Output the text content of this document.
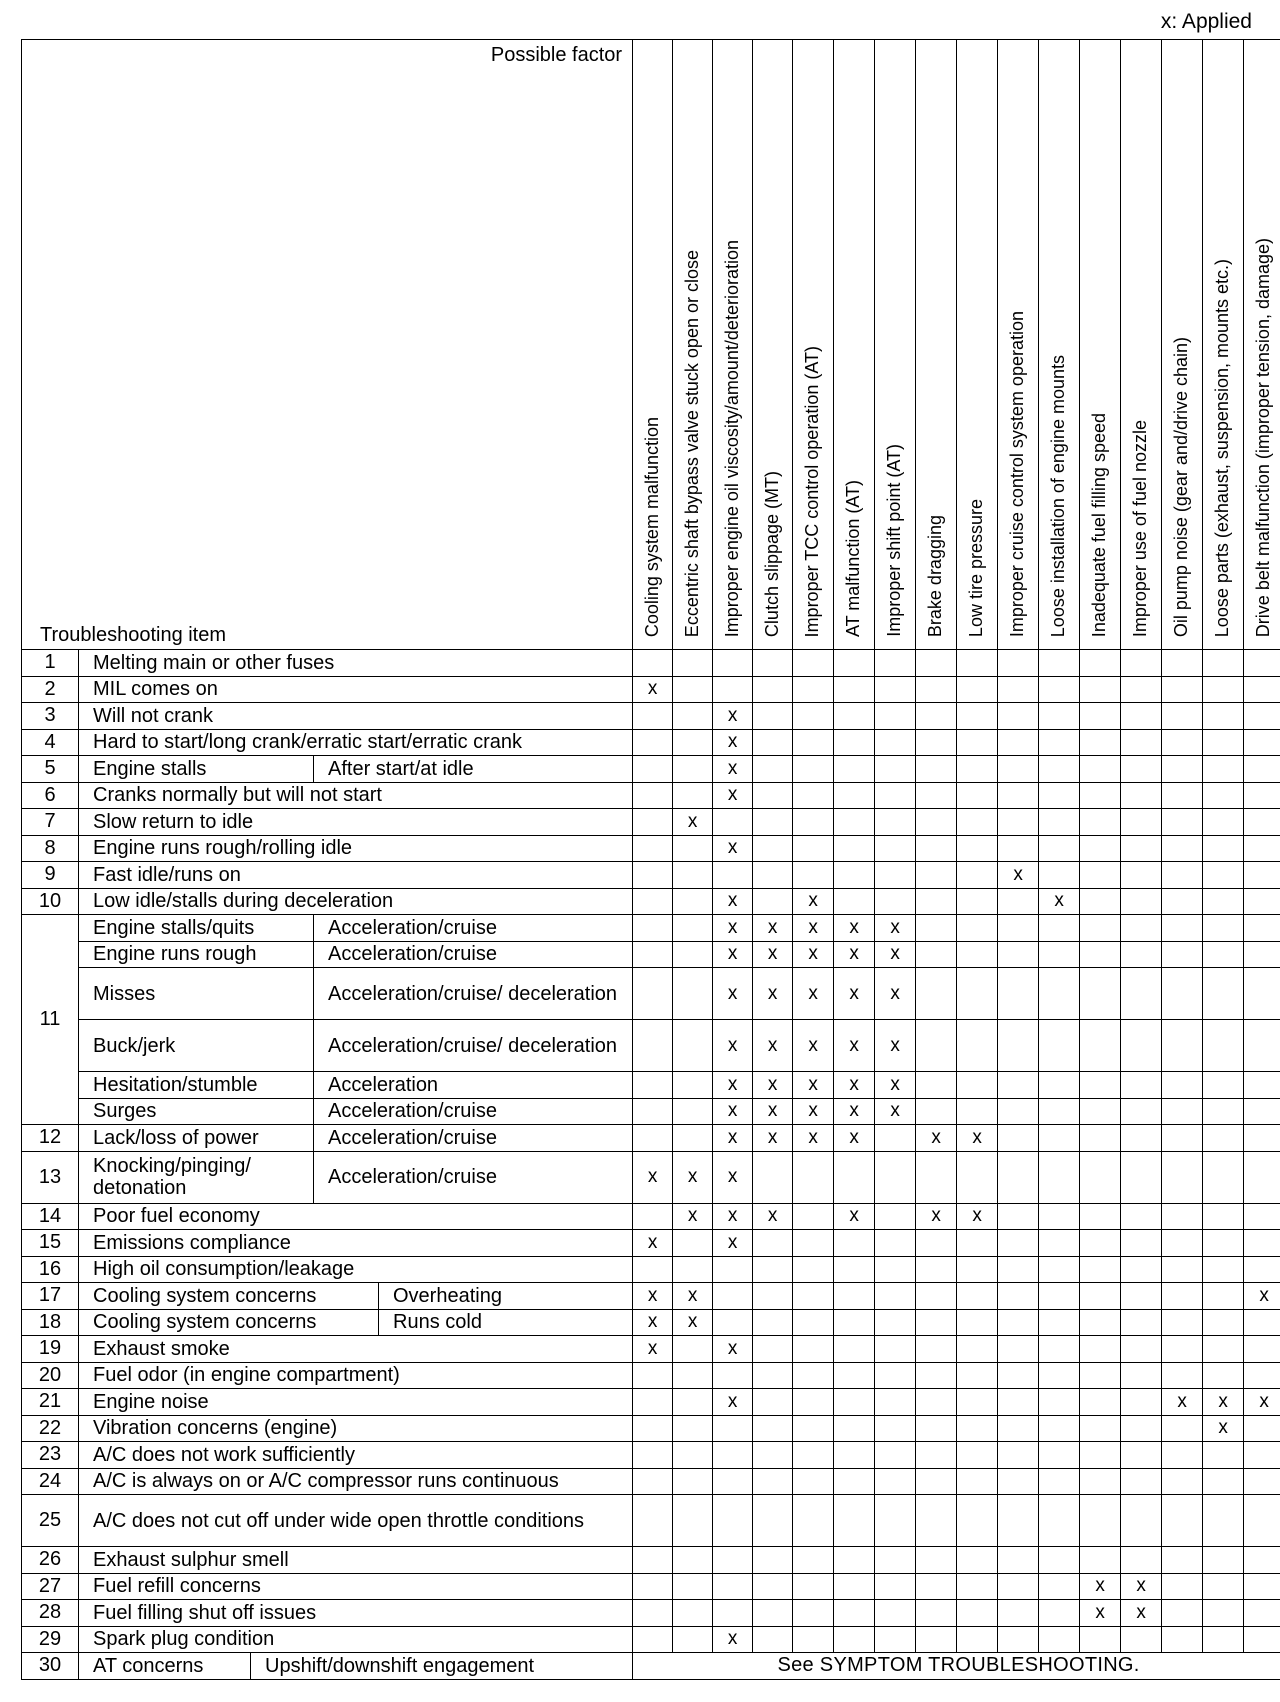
x: Applied
Possible factor
Troubleshooting item					Cooling system malfunction	Eccentric shaft bypass valve stuck open or close	Improper engine oil viscosity/amount/deterioration	Clutch slippage (MT)	Improper TCC control operation (AT)	AT malfunction (AT)	Improper shift point (AT)	Brake dragging	Low tire pressure	Improper cruise control system operation	Loose installation of engine mounts	Inadequate fuel filling speed	Improper use of fuel nozzle	Oil pump noise (gear and/drive chain)	Loose parts (exhaust, suspension, mounts etc.)	Drive belt malfunction (improper tension, damage)
1	Melting main or other fuses																			
2	MIL comes on				x															
3	Will not crank						x													
4	Hard to start/long crank/erratic start/erratic crank						x													
5	Engine stalls		After start/at idle				x													
6	Cranks normally but will not start						x													
7	Slow return to idle					x														
8	Engine runs rough/rolling idle						x													
9	Fast idle/runs on													x						
10	Low idle/stalls during deceleration						x		x						x					
11	Engine stalls/quits		Acceleration/cruise				x	x	x	x	x									
	Engine runs rough		Acceleration/cruise				x	x	x	x	x									
	Misses		Acceleration/cruise/ deceleration				x	x	x	x	x									
	Buck/jerk		Acceleration/cruise/ deceleration				x	x	x	x	x									
	Hesitation/stumble		Acceleration				x	x	x	x	x									
	Surges		Acceleration/cruise				x	x	x	x	x									
12	Lack/loss of power		Acceleration/cruise				x	x	x	x		x	x							
13	Knocking/pinging/ detonation		Acceleration/cruise		x	x	x													
14	Poor fuel economy					x	x	x		x		x	x							
15	Emissions compliance				x		x													
16	High oil consumption/leakage																			
17	Cooling system concerns			Overheating	x	x														x
18	Cooling system concerns			Runs cold	x	x														
19	Exhaust smoke				x		x													
20	Fuel odor (in engine compartment)																			
21	Engine noise						x											x	x	x
22	Vibration concerns (engine)																		x	
23	A/C does not work sufficiently																			
24	A/C is always on or A/C compressor runs continuous																			
25	A/C does not cut off under wide open throttle conditions																			
26	Exhaust sulphur smell																			
27	Fuel refill concerns															x	x			
28	Fuel filling shut off issues															x	x			
29	Spark plug condition						x													
30	AT concerns	Upshift/downshift engagement			See SYMPTOM TROUBLESHOOTING.															
